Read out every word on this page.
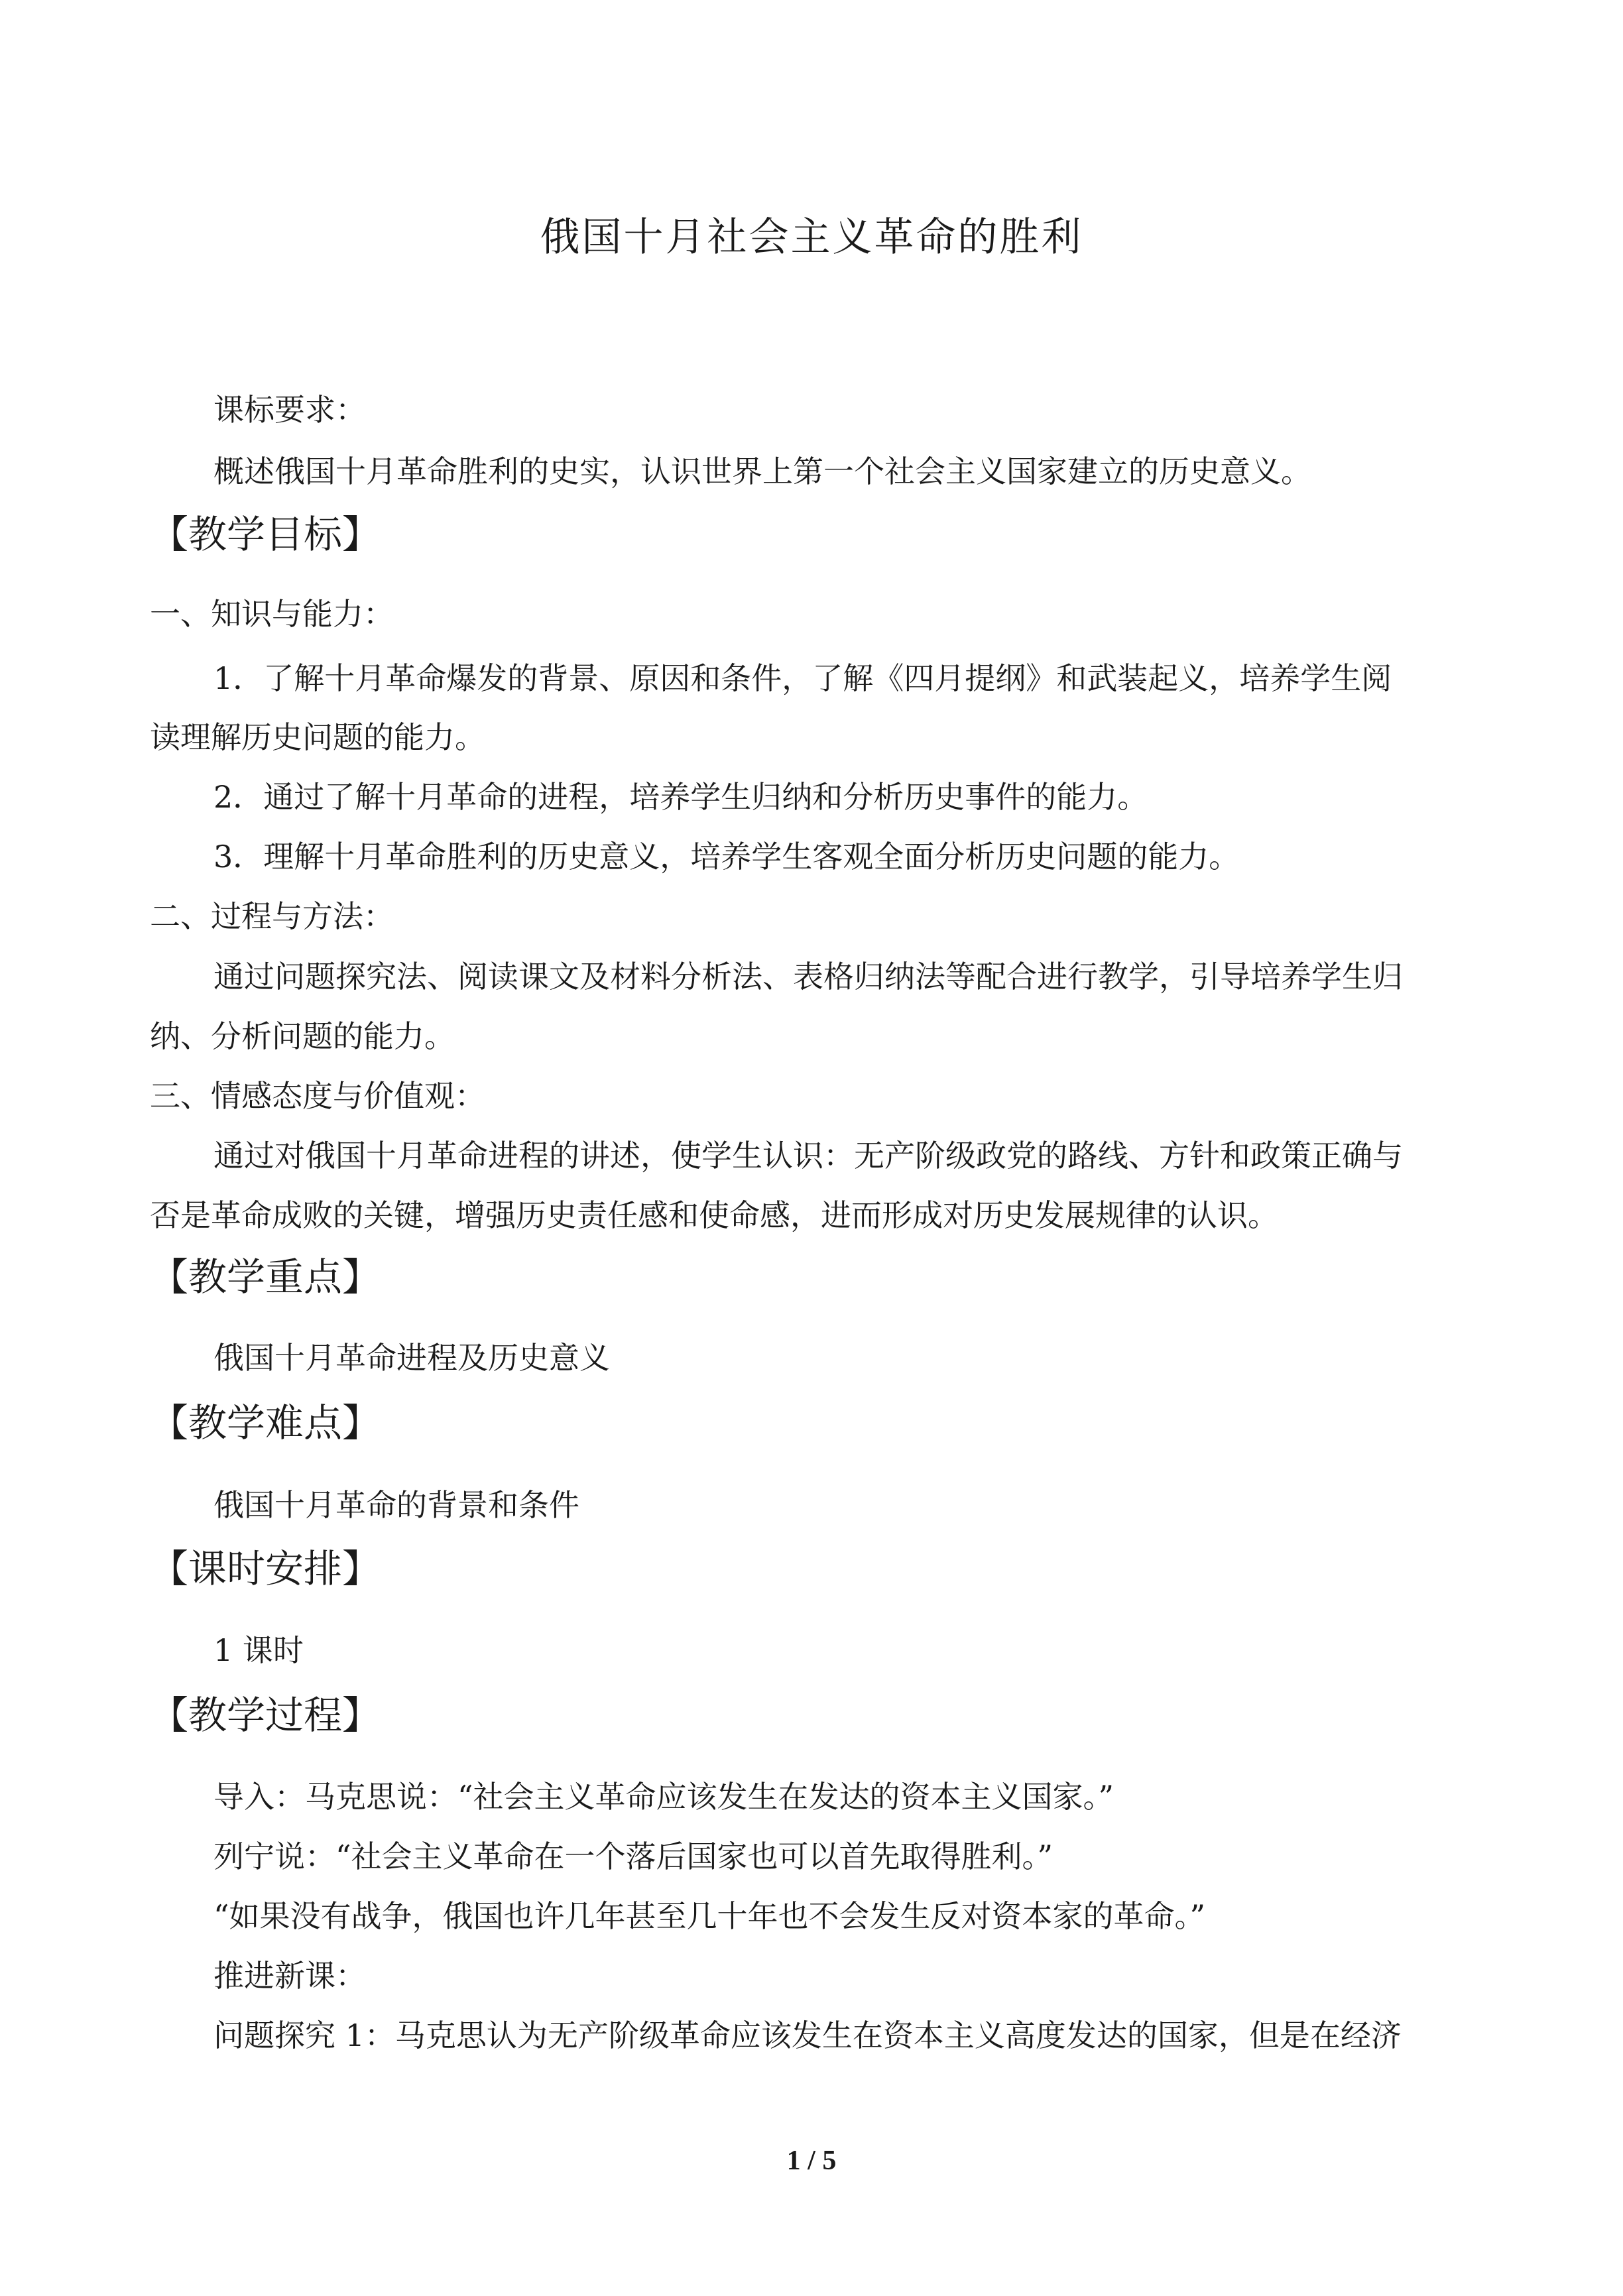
俄国十月社会主义革命的胜利
课标要求：
概述俄国十月革命胜利的史实，认识世界上第一个社会主义国家建立的历史意义。
【教学目标】
一、知识与能力：
1．了解十月革命爆发的背景、原因和条件，了解《四月提纲》和武装起义，培养学生阅
读理解历史问题的能力。
2．通过了解十月革命的进程，培养学生归纳和分析历史事件的能力。
3．理解十月革命胜利的历史意义，培养学生客观全面分析历史问题的能力。
二、过程与方法：
通过问题探究法、阅读课文及材料分析法、表格归纳法等配合进行教学，引导培养学生归
纳、分析问题的能力。
三、情感态度与价值观：
通过对俄国十月革命进程的讲述，使学生认识：无产阶级政党的路线、方针和政策正确与
否是革命成败的关键，增强历史责任感和使命感，进而形成对历史发展规律的认识。
【教学重点】
俄国十月革命进程及历史意义
【教学难点】
俄国十月革命的背景和条件
【课时安排】
1 课时
【教学过程】
导入：马克思说：“社会主义革命应该发生在发达的资本主义国家。”
列宁说：“社会主义革命在一个落后国家也可以首先取得胜利。”
“如果没有战争，俄国也许几年甚至几十年也不会发生反对资本家的革命。”
推进新课：
问题探究 1：马克思认为无产阶级革命应该发生在资本主义高度发达的国家，但是在经济
1 / 5
